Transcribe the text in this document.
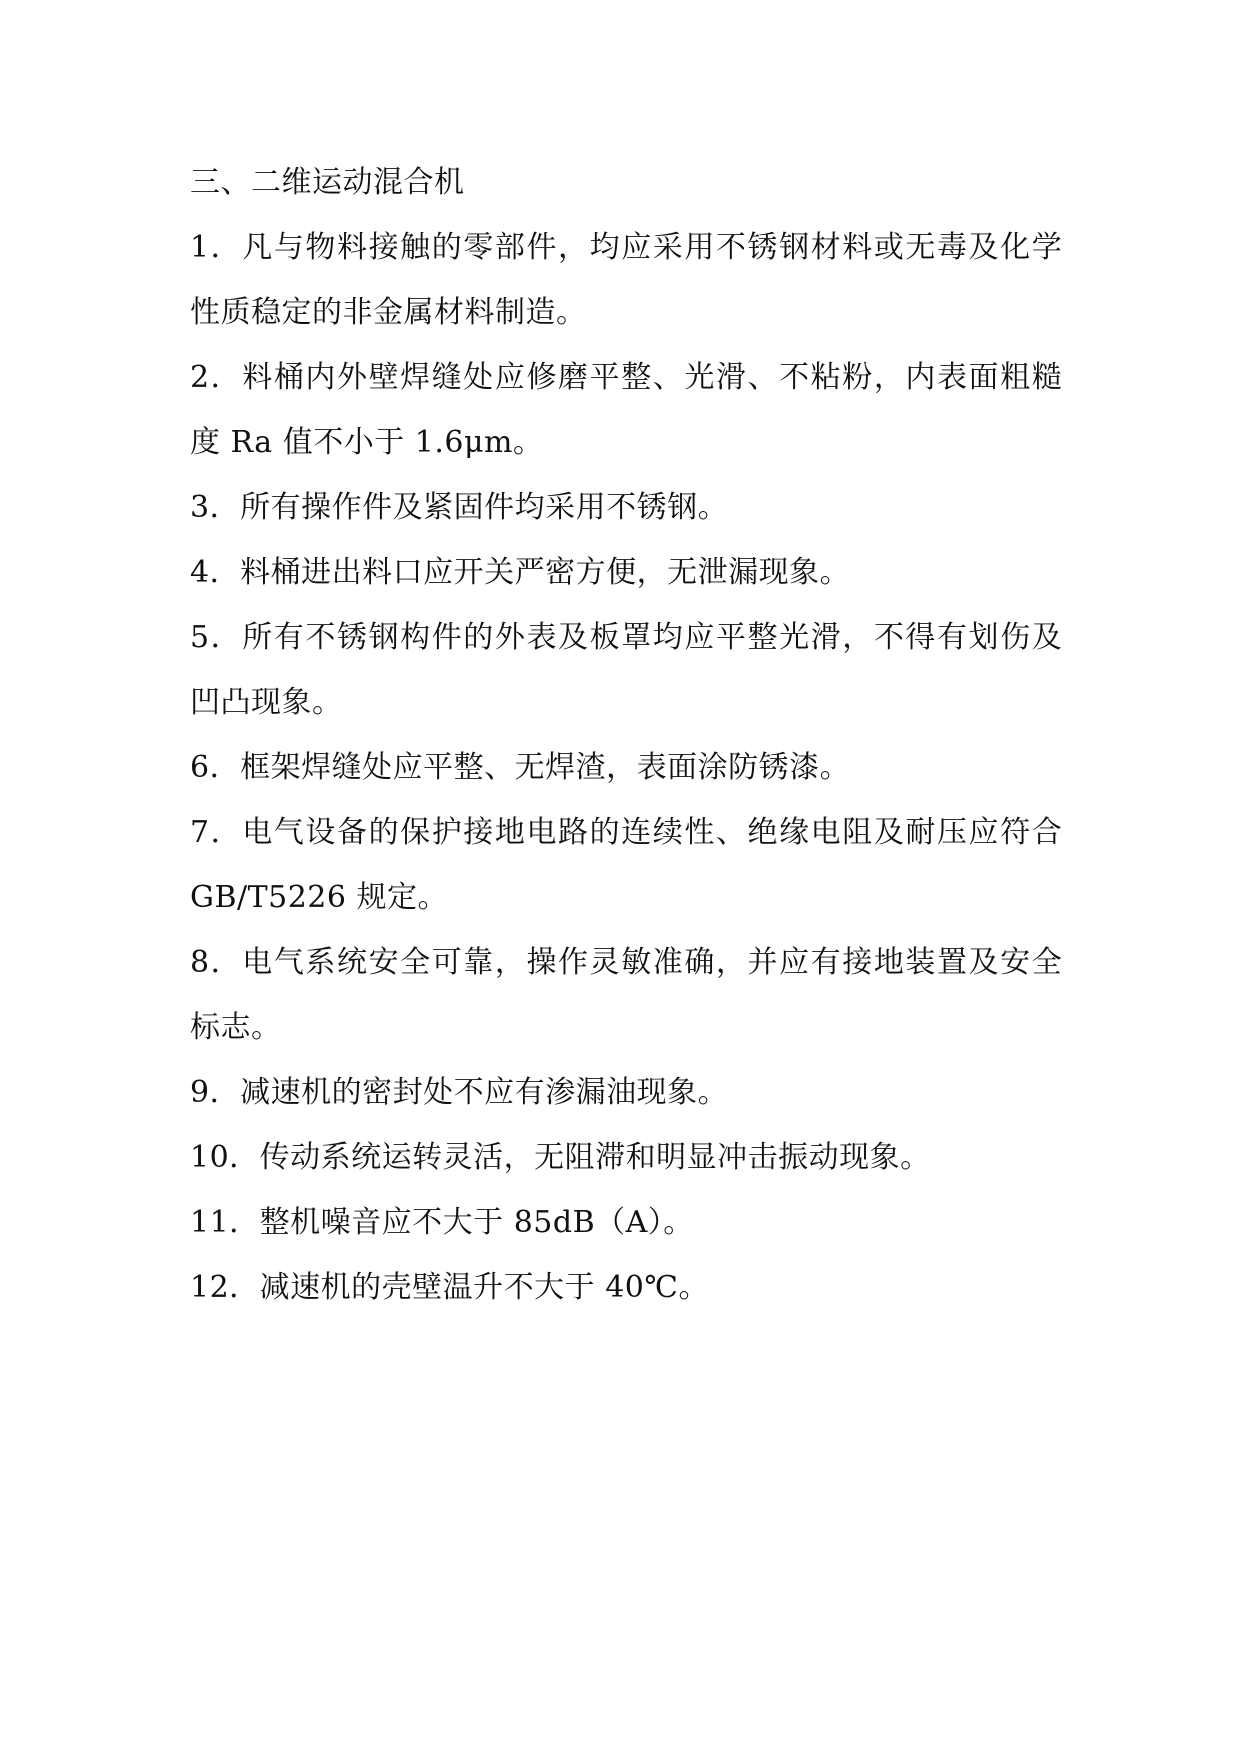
三、二维运动混合机
1 ． 凡 与 物 料 接 触 的 零 部 件 ， 均 应 采 用 不 锈 钢 材 料 或 无 毒 及 化 学
性质稳定的非金属材料制造。
2 ． 料 桶 内 外 壁 焊 缝 处 应 修 磨 平 整 、 光 滑 、 不 粘 粉 ， 内 表 面 粗 糙
度 Ra 值不小于 1.6μm。
3．所有操作件及紧固件均采用不锈钢。
4．料桶进出料口应开关严密方便，无泄漏现象。
5 ． 所 有 不 锈 钢 构 件 的 外 表 及 板 罩 均 应 平 整 光 滑 ， 不 得 有 划 伤 及
凹凸现象。
6．框架焊缝处应平整、无焊渣，表面涂防锈漆。
7 ． 电 气 设 备 的 保 护 接 地 电 路 的 连 续 性 、 绝 缘 电 阻 及 耐 压 应 符 合
GB/T5226 规定。
8 ． 电 气 系 统 安 全 可 靠 ， 操 作 灵 敏 准 确 ， 并 应 有 接 地 装 置 及 安 全
标志。
9．减速机的密封处不应有渗漏油现象。
10．传动系统运转灵活，无阻滞和明显冲击振动现象。
11．整机噪音应不大于 85dB（A）。
12．减速机的壳壁温升不大于 40℃。
